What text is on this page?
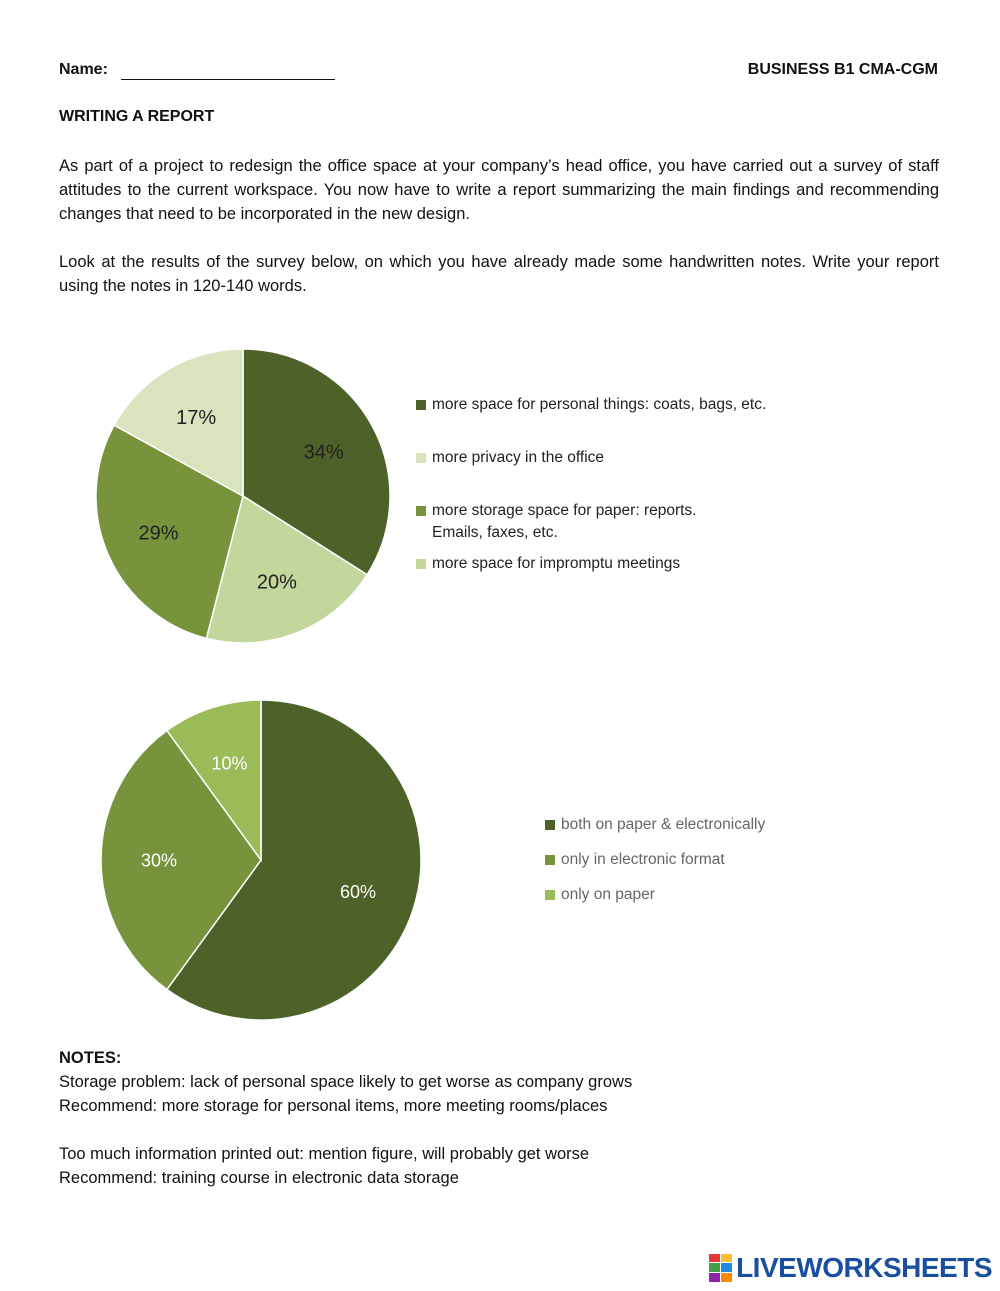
Name:	BUSINESS B1 CMA-CGM
WRITING A REPORT
As part of a project to redesign the office space at your company’s head office, you have carried out a survey of staff attitudes to the current workspace. You now have to write a report summarizing the main findings and recommending changes that need to be incorporated in the new design.
Look at the results of the survey below, on which you have already made some handwritten notes. Write your report using the notes in 120-140 words.
34%
20%
29%
17%
more space for personal things: coats, bags, etc.
more privacy in the office
more storage space for paper: reports.
Emails, faxes, etc.
more space for impromptu meetings
60%
30%
10%
both on paper & electronically
only in electronic format
only on paper
NOTES:
Storage problem: lack of personal space likely to get worse as company grows
Recommend: more storage for personal items, more meeting rooms/places
Too much information printed out: mention figure, will probably get worse
Recommend: training course in electronic data storage
LIVEWORKSHEETS
